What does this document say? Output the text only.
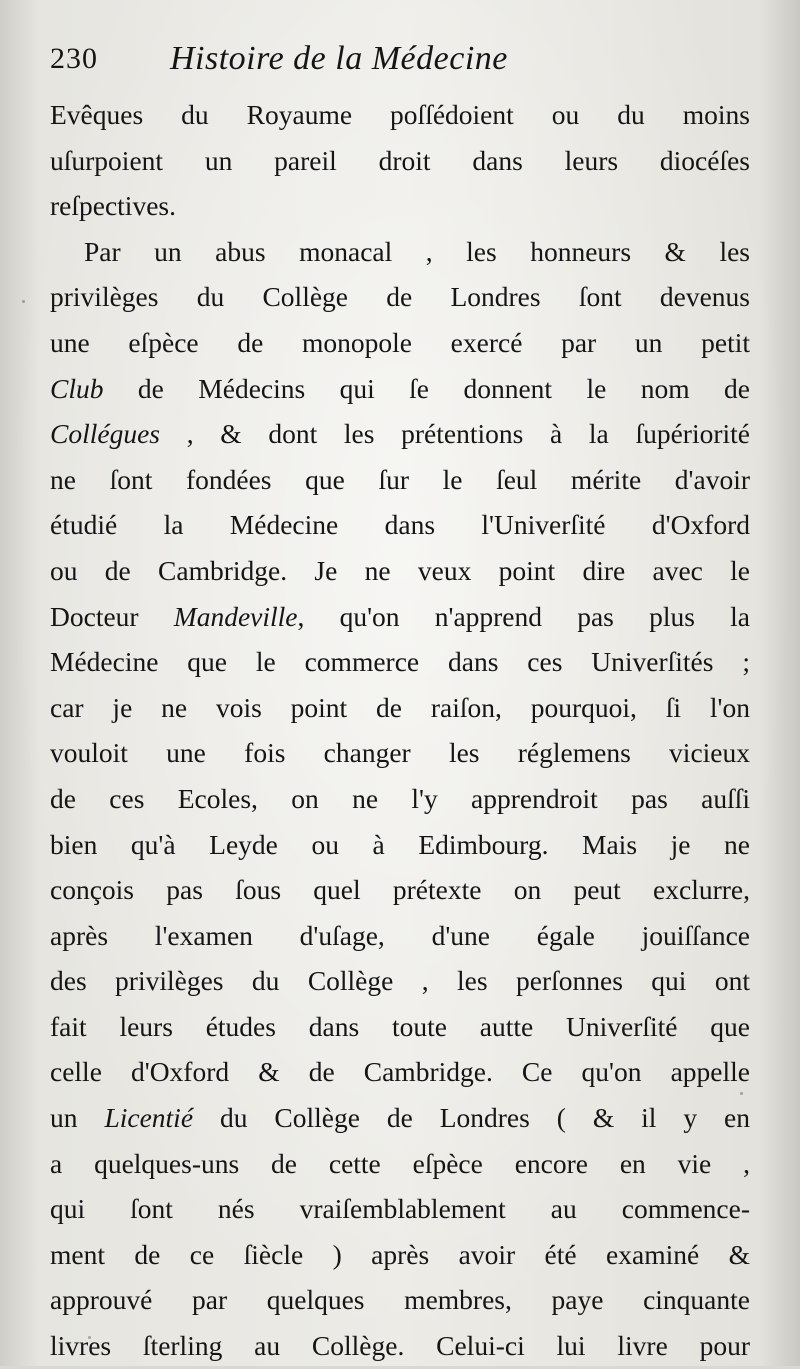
230 Histoire de la Médecine
Evêques du Royaume poſſédoient ou du moins
uſurpoient un pareil droit dans leurs diocéſes
reſpectives.
Par un abus monacal , les honneurs & les
privilèges du Collège de Londres ſont devenus
une eſpèce de monopole exercé par un petit
Club de Médecins qui ſe donnent le nom de
Collégues , & dont les prétentions à la ſupériorité
ne ſont fondées que ſur le ſeul mérite d'avoir
étudié la Médecine dans l'Univerſité d'Oxford
ou de Cambridge. Je ne veux point dire avec le
Docteur Mandeville, qu'on n'apprend pas plus la
Médecine que le commerce dans ces Univerſités ;
car je ne vois point de raiſon, pourquoi, ſi l'on
vouloit une fois changer les réglemens vicieux
de ces Ecoles, on ne l'y apprendroit pas auſſi
bien qu'à Leyde ou à Edimbourg. Mais je ne
conçois pas ſous quel prétexte on peut exclurre,
après l'examen d'uſage, d'une égale jouiſſance
des privilèges du Collège , les perſonnes qui ont
fait leurs études dans toute autte Univerſité que
celle d'Oxford & de Cambridge. Ce qu'on appelle
un Licentié du Collège de Londres ( & il y en
a quelques-uns de cette eſpèce encore en vie ,
qui ſont nés vraiſemblablement au commence-
ment de ce ſiècle ) après avoir été examiné &
approuvé par quelques membres, paye cinquante
livres ſterling au Collège. Celui-ci lui livre pour
